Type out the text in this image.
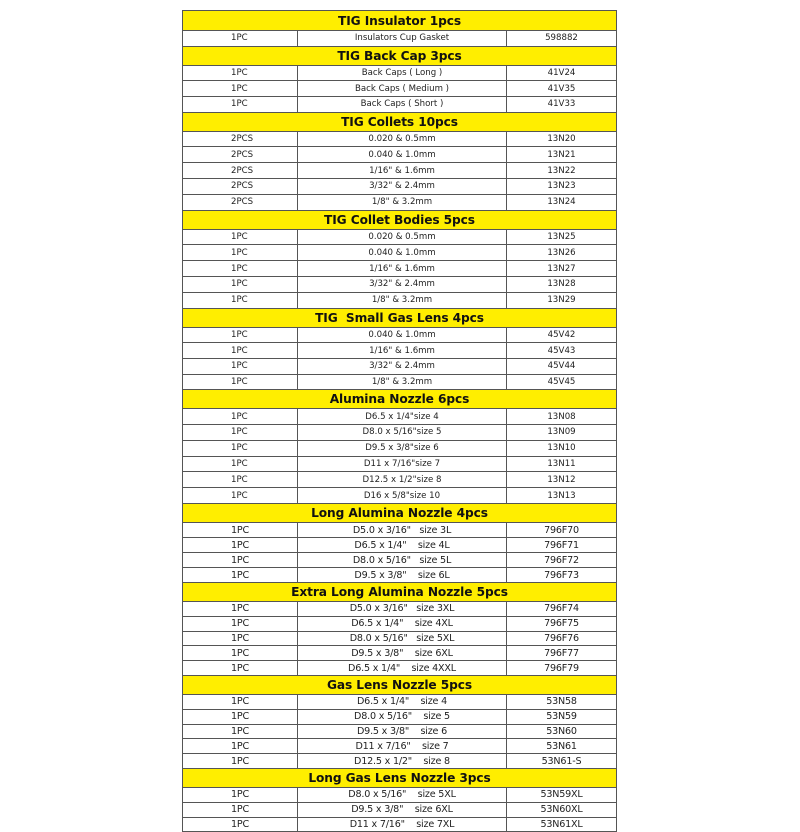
TIG Insulator 1pcs		
1PC	Insulators Cup Gasket	598882
TIG Back Cap 3pcs		
1PC	Back Caps ( Long )	41V24
1PC	Back Caps ( Medium )	41V35
1PC	Back Caps ( Short )	41V33
TIG Collets 10pcs		
2PCS	0.020 & 0.5mm	13N20
2PCS	0.040 & 1.0mm	13N21
2PCS	1/16" & 1.6mm	13N22
2PCS	3/32" & 2.4mm	13N23
2PCS	1/8" & 3.2mm	13N24
TIG Collet Bodies 5pcs		
1PC	0.020 & 0.5mm	13N25
1PC	0.040 & 1.0mm	13N26
1PC	1/16" & 1.6mm	13N27
1PC	3/32" & 2.4mm	13N28
1PC	1/8" & 3.2mm	13N29
TIG  Small Gas Lens 4pcs		
1PC	0.040 & 1.0mm	45V42
1PC	1/16" & 1.6mm	45V43
1PC	3/32" & 2.4mm	45V44
1PC	1/8" & 3.2mm	45V45
Alumina Nozzle 6pcs		
1PC	D6.5 x 1/4"size 4	13N08
1PC	D8.0 x 5/16"size 5	13N09
1PC	D9.5 x 3/8"size 6	13N10
1PC	D11 x 7/16"size 7	13N11
1PC	D12.5 x 1/2"size 8	13N12
1PC	D16 x 5/8"size 10	13N13
Long Alumina Nozzle 4pcs		
1PC	D5.0 x 3/16"   size 3L	796F70
1PC	D6.5 x 1/4"    size 4L	796F71
1PC	D8.0 x 5/16"   size 5L	796F72
1PC	D9.5 x 3/8"    size 6L	796F73
Extra Long Alumina Nozzle 5pcs		
1PC	D5.0 x 3/16"   size 3XL	796F74
1PC	D6.5 x 1/4"    size 4XL	796F75
1PC	D8.0 x 5/16"   size 5XL	796F76
1PC	D9.5 x 3/8"    size 6XL	796F77
1PC	D6.5 x 1/4"    size 4XXL	796F79
Gas Lens Nozzle 5pcs		
1PC	D6.5 x 1/4"    size 4	53N58
1PC	D8.0 x 5/16"    size 5	53N59
1PC	D9.5 x 3/8"    size 6	53N60
1PC	D11 x 7/16"    size 7	53N61
1PC	D12.5 x 1/2"    size 8	53N61-S
Long Gas Lens Nozzle 3pcs		
1PC	D8.0 x 5/16"    size 5XL	53N59XL
1PC	D9.5 x 3/8"    size 6XL	53N60XL
1PC	D11 x 7/16"    size 7XL	53N61XL
